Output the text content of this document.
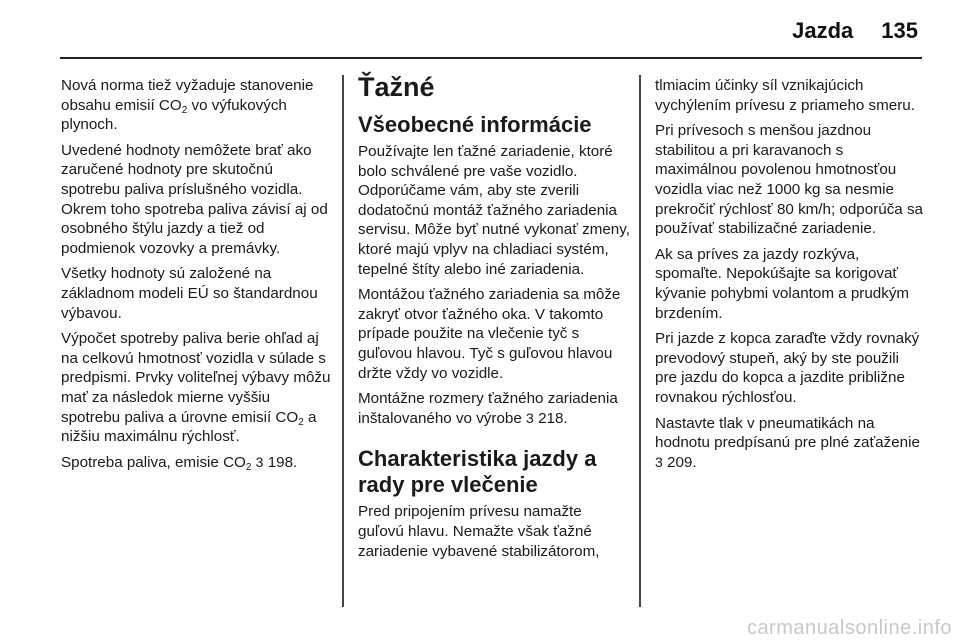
Jazda 135

Nová norma tiež vyžaduje stanovenie obsahu emisií $CO_2$ vo výfukových plynoch.

Uvedené hodnoty nemôžete brať ako zaručené hodnoty pre skutočnú spotrebu paliva príslušného vozidla. Okrem toho spotreba paliva závisí aj od osobného štýlu jazdy a tiež od podmienok vozovky a premávky.

Všetky hodnoty sú založené na základnom modeli EÚ so štandardnou výbavou.

Výpočet spotreby paliva berie ohľad aj na celkovú hmotnosť vozidla v súlade s predpismi. Prvky voliteľnej výbavy môžu mať za následok mierne vyššiu spotrebu paliva a úrovne emisií $CO_2$ a nižšiu maximálnu rýchlosť.

Spotreba paliva, emisie $CO_2$ 3 198.

Ťažné
Všeobecné informácie

Používajte len ťažné zariadenie, ktoré bolo schválené pre vaše vozidlo. Odporúčame vám, aby ste zverili dodatočnú montáž ťažného zariadenia servisu. Môže byť nutné vykonať zmeny, ktoré majú vplyv na chladiaci systém, tepelné štíty alebo iné zariadenia.

Montážou ťažného zariadenia sa môže zakryť otvor ťažného oka. V takomto prípade použite na vlečenie tyč s guľovou hlavou. Tyč s guľovou hlavou držte vždy vo vozidle.

Montážne rozmery ťažného zariadenia inštalovaného vo výrobe 3 218.

Charakteristika jazdy a rady pre vlečenie

Pred pripojením prívesu namažte guľovú hlavu. Nemažte však ťažné zariadenie vybavené stabilizátorom,

tlmiacim účinky síl vznikajúcich vychýlením prívesu z priameho smeru.

Pri prívesoch s menšou jazdnou stabilitou a pri karavanoch s maximálnou povolenou hmotnosťou vozidla viac než 1000 kg sa nesmie prekročiť rýchlosť 80 km/h; odporúča sa používať stabilizačné zariadenie.

Ak sa príves za jazdy rozkýva, spomaľte. Nepokúšajte sa korigovať kývanie pohybmi volantom a prudkým brzdením.

Pri jazde z kopca zaraďte vždy rovnaký prevodový stupeň, aký by ste použili pre jazdu do kopca a jazdite približne rovnakou rýchlosťou.

Nastavte tlak v pneumatikách na hodnotu predpísanú pre plné zaťaženie 3 209.

carmanualsonline.info
